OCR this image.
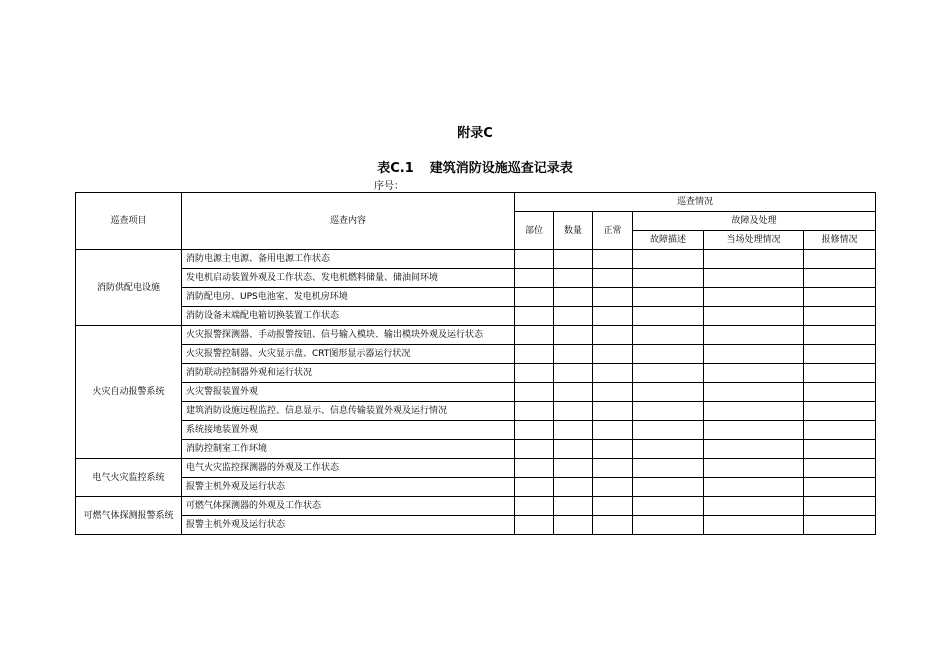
附录C
表C.1 建筑消防设施巡查记录表
序号：
巡查项目	巡查内容	巡查情况					
		部位	数量	正常	故障及处理		
					故障描述	当场处理情况	报修情况
消防供配电设施	消防电源主电源、备用电源工作状态						
	发电机启动装置外观及工作状态、发电机燃料储量、储油间环境						
	消防配电房、UPS电池室、发电机房环境						
	消防设备末端配电箱切换装置工作状态						
火灾自动报警系统	火灾报警探测器、手动报警按钮、信号输入模块、输出模块外观及运行状态						
	火灾报警控制器、火灾显示盘、CRT图形显示器运行状况						
	消防联动控制器外观和运行状况						
	火灾警报装置外观						
	建筑消防设施远程监控、信息显示、信息传输装置外观及运行情况						
	系统接地装置外观						
	消防控制室工作环境						
电气火灾监控系统	电气火灾监控探测器的外观及工作状态						
	报警主机外观及运行状态						
可燃气体探测报警系统	可燃气体探测器的外观及工作状态						
	报警主机外观及运行状态						
